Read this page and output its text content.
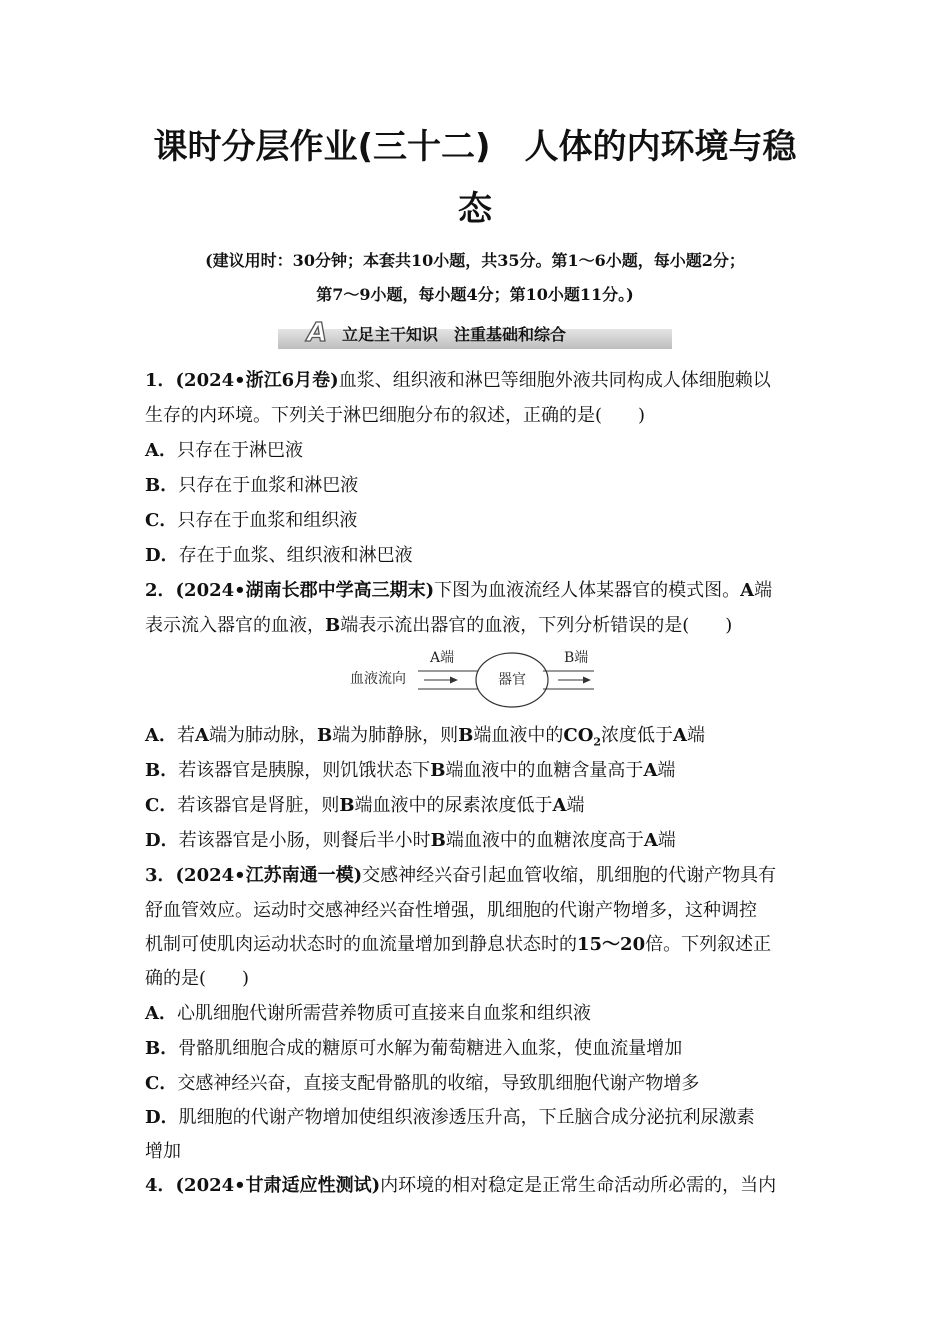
课时分层作业(三十二)　人体的内环境与稳
态
(建议用时：30分钟；本套共10小题，共35分。第1～6小题，每小题2分；
第7～9小题，每小题4分；第10小题11分。)
A 立足主干知识　注重基础和综合
1．(2024•浙江6月卷)血浆、组织液和淋巴等细胞外液共同构成人体细胞赖以
生存的内环境。下列关于淋巴细胞分布的叙述，正确的是(　　)
A．只存在于淋巴液
B．只存在于血浆和淋巴液
C．只存在于血浆和组织液
D．存在于血浆、组织液和淋巴液
2．(2024•湖南长郡中学高三期末)下图为血液流经人体某器官的模式图。A端
表示流入器官的血液，B端表示流出器官的血液，下列分析错误的是(　　)
血液流向
A端	B端
器官
A．若A端为肺动脉，B端为肺静脉，则B端血液中的$CO_2$浓度低于A端
B．若该器官是胰腺，则饥饿状态下B端血液中的血糖含量高于A端
C．若该器官是肾脏，则B端血液中的尿素浓度低于A端
D．若该器官是小肠，则餐后半小时B端血液中的血糖浓度高于A端
3．(2024•江苏南通一模)交感神经兴奋引起血管收缩，肌细胞的代谢产物具有
舒血管效应。运动时交感神经兴奋性增强，肌细胞的代谢产物增多，这种调控
机制可使肌肉运动状态时的血流量增加到静息状态时的15～20倍。下列叙述正
确的是(　　)
A．心肌细胞代谢所需营养物质可直接来自血浆和组织液
B．骨骼肌细胞合成的糖原可水解为葡萄糖进入血浆，使血流量增加
C．交感神经兴奋，直接支配骨骼肌的收缩，导致肌细胞代谢产物增多
D．肌细胞的代谢产物增加使组织液渗透压升高，下丘脑合成分泌抗利尿激素
增加
4．(2024•甘肃适应性测试)内环境的相对稳定是正常生命活动所必需的，当内
